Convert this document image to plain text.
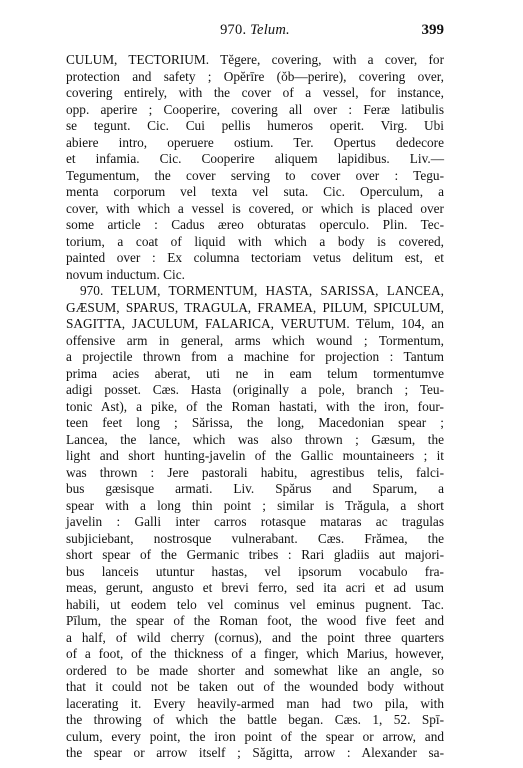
970. Telum.	399
CULUM, TECTORIUM. Tĕgere, covering, with a cover, for
protection and safety ; Opĕrīre (ŏb—perire), covering over,
covering entirely, with the cover of a vessel, for instance,
opp. aperire ; Cooperire, covering all over : Feræ latibulis
se tegunt. Cic. Cui pellis humeros operit. Virg. Ubi
abiere intro, operuere ostium. Ter. Opertus dedecore
et infamia. Cic. Cooperire aliquem lapidibus. Liv.—
Tegumentum, the cover serving to cover over : Tegu-
menta corporum vel texta vel suta. Cic. Operculum, a
cover, with which a vessel is covered, or which is placed over
some article : Cadus æreo obturatas operculo. Plin. Tec-
torium, a coat of liquid with which a body is covered,
painted over : Ex columna tectoriam vetus delitum est, et
novum inductum. Cic.
970. TELUM, TORMENTUM, HASTA, SARISSA, LANCEA,
GÆSUM, SPARUS, TRAGULA, FRAMEA, PILUM, SPICULUM,
SAGITTA, JACULUM, FALARICA, VERUTUM. Tēlum, 104, an
offensive arm in general, arms which wound ; Tormentum,
a projectile thrown from a machine for projection : Tantum
prima acies aberat, uti ne in eam telum tormentumve
adigi posset. Cæs. Hasta (originally a pole, branch ; Teu-
tonic Ast), a pike, of the Roman hastati, with the iron, four-
teen feet long ; Sărissa, the long, Macedonian spear ;
Lancea, the lance, which was also thrown ; Gæsum, the
light and short hunting-javelin of the Gallic mountaineers ; it
was thrown : Jere pastorali habitu, agrestibus telis, falci-
bus gæsisque armati. Liv. Spărus and Sparum, a
spear with a long thin point ; similar is Trăgula, a short
javelin : Galli inter carros rotasque mataras ac tragulas
subjiciebant, nostrosque vulnerabant. Cæs. Frămea, the
short spear of the Germanic tribes : Rari gladiis aut majori-
bus lanceis utuntur hastas, vel ipsorum vocabulo fra-
meas, gerunt, angusto et brevi ferro, sed ita acri et ad usum
habili, ut eodem telo vel cominus vel eminus pugnent. Tac.
Pīlum, the spear of the Roman foot, the wood five feet and
a half, of wild cherry (cornus), and the point three quarters
of a foot, of the thickness of a finger, which Marius, however,
ordered to be made shorter and somewhat like an angle, so
that it could not be taken out of the wounded body without
lacerating it. Every heavily-armed man had two pila, with
the throwing of which the battle began. Cæs. 1, 52. Spī-
culum, every point, the iron point of the spear or arrow, and
the spear or arrow itself ; Săgitta, arrow : Alexander sa-
